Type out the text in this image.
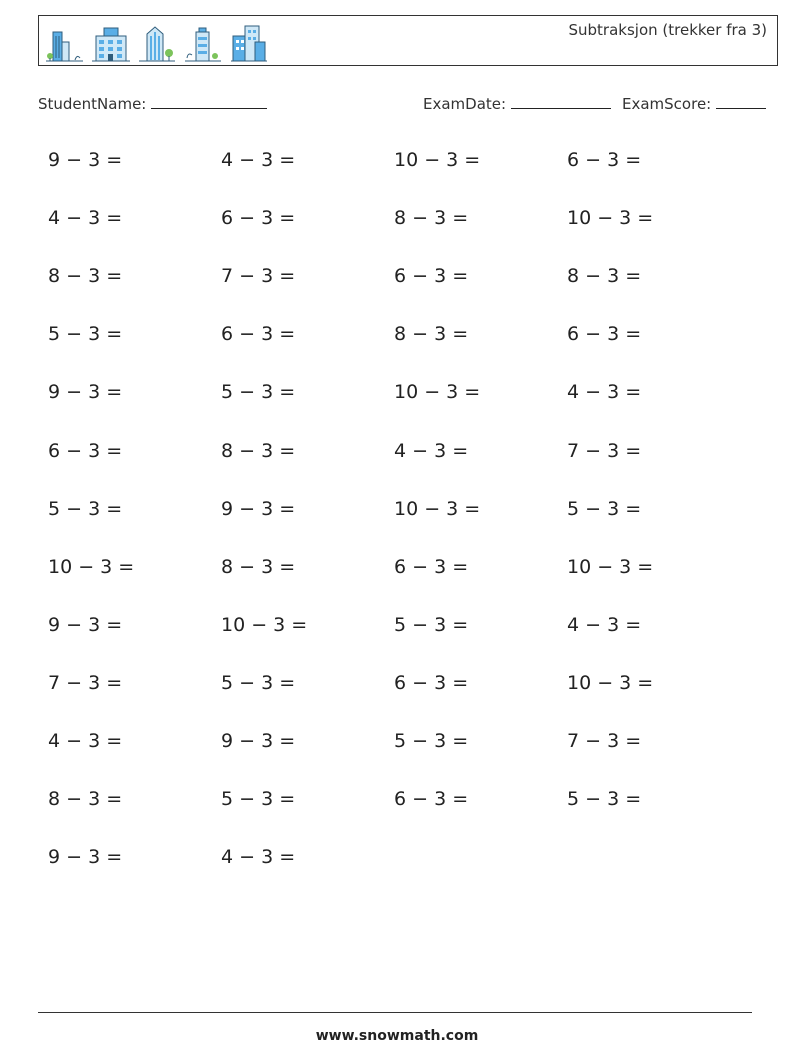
Subtraksjon (trekker fra 3)
StudentName:	ExamDate:	ExamScore:
9 − 3 =	4 − 3 =	10 − 3 =	6 − 3 =
4 − 3 =	6 − 3 =	8 − 3 =	10 − 3 =
8 − 3 =	7 − 3 =	6 − 3 =	8 − 3 =
5 − 3 =	6 − 3 =	8 − 3 =	6 − 3 =
9 − 3 =	5 − 3 =	10 − 3 =	4 − 3 =
6 − 3 =	8 − 3 =	4 − 3 =	7 − 3 =
5 − 3 =	9 − 3 =	10 − 3 =	5 − 3 =
10 − 3 =	8 − 3 =	6 − 3 =	10 − 3 =
9 − 3 =	10 − 3 =	5 − 3 =	4 − 3 =
7 − 3 =	5 − 3 =	6 − 3 =	10 − 3 =
4 − 3 =	9 − 3 =	5 − 3 =	7 − 3 =
8 − 3 =	5 − 3 =	6 − 3 =	5 − 3 =
9 − 3 =	4 − 3 =
www.snowmath.com
